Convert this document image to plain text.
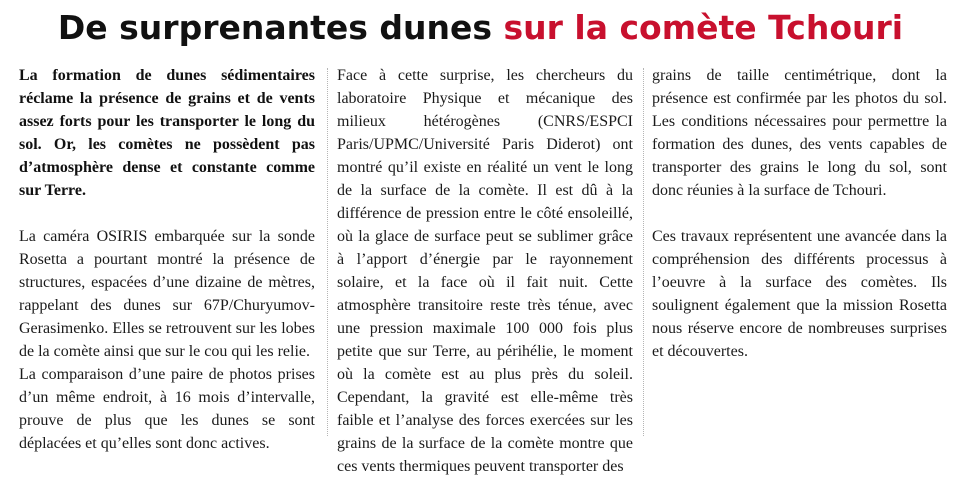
De surprenantes dunes sur la comète Tchouri

La formation de dunes sédimentaires réclame la présence de grains et de vents assez forts pour les transporter le long du sol. Or, les comètes ne possèdent pas d’atmosphère dense et constante comme sur Terre.

La caméra OSIRIS embarquée sur la sonde Rosetta a pourtant montré la présence de structures, espacées d’une dizaine de mètres, rappelant des dunes sur 67P/Churyumov-Gerasimenko. Elles se retrouvent sur les lobes de la comète ainsi que sur le cou qui les relie.

La comparaison d’une paire de photos prises d’un même endroit, à 16 mois d’intervalle, prouve de plus que les dunes se sont déplacées et qu’elles sont donc actives.

Face à cette surprise, les chercheurs du laboratoire Physique et mécanique des milieux hétérogènes (CNRS/ESPCI Paris/UPMC/Université Paris Diderot) ont montré qu’il existe en réalité un vent le long de la surface de la comète. Il est dû à la différence de pression entre le côté ensoleillé, où la glace de surface peut se sublimer grâce à l’apport d’énergie par le rayonnement solaire, et la face où il fait nuit. Cette atmosphère transitoire reste très ténue, avec une pression maximale 100 000 fois plus petite que sur Terre, au périhélie, le moment où la comète est au plus près du soleil. Cependant, la gravité est elle-même très faible et l’analyse des forces exercées sur les grains de la surface de la comète montre que ces vents thermiques peuvent transporter des

grains de taille centimétrique, dont la présence est confirmée par les photos du sol. Les conditions nécessaires pour permettre la formation des dunes, des vents capables de transporter des grains le long du sol, sont donc réunies à la surface de Tchouri.

Ces travaux représentent une avancée dans la compréhension des différents processus à l’oeuvre à la surface des comètes. Ils soulignent également que la mission Rosetta nous réserve encore de nombreuses surprises et découvertes.
